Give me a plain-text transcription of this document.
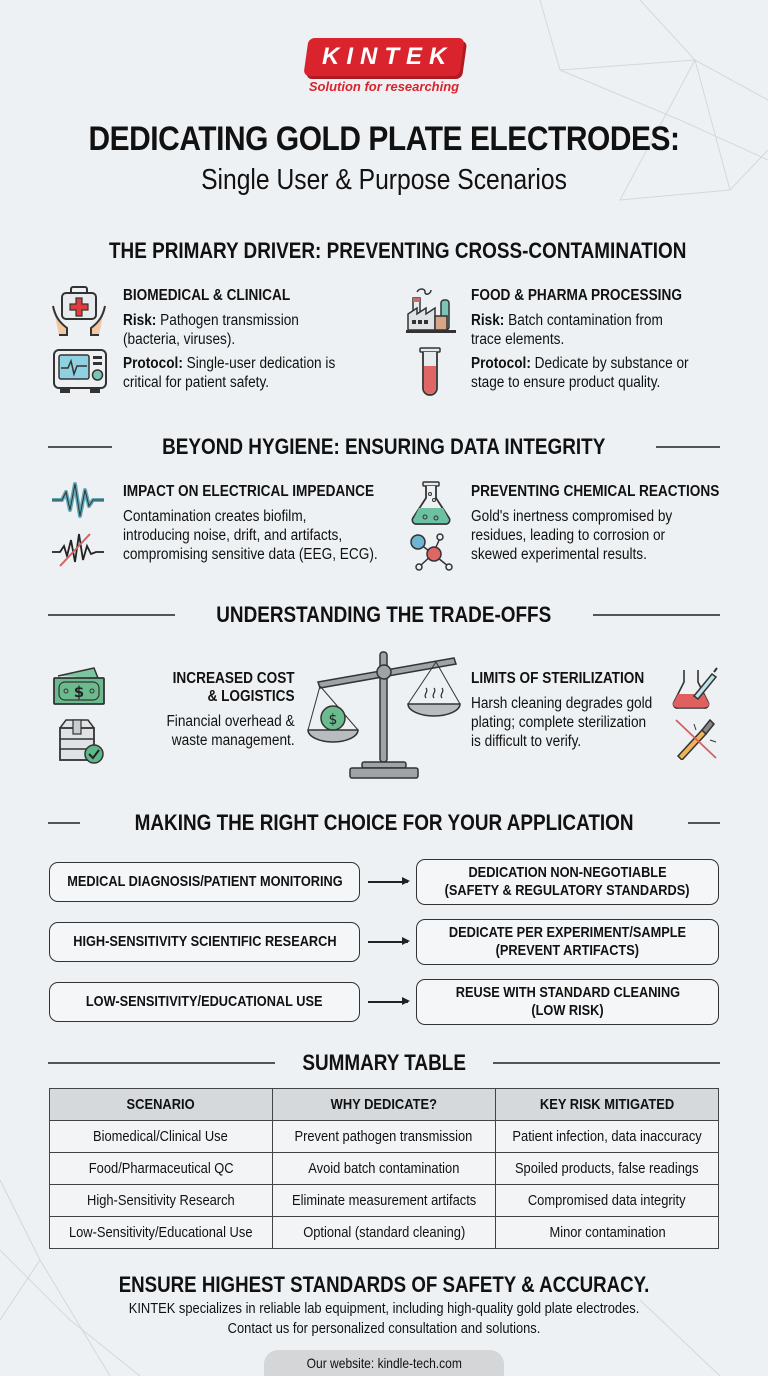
KINTEK
Solution for researching
DEDICATING GOLD PLATE ELECTRODES:
Single User & Purpose Scenarios
THE PRIMARY DRIVER: PREVENTING CROSS-CONTAMINATION
BIOMEDICAL & CLINICAL

Risk: Pathogen transmission

(bacteria, viruses).

Protocol: Single-user dedication is

critical for patient safety.

FOOD & PHARMA PROCESSING

Risk: Batch contamination from

trace elements.

Protocol: Dedicate by substance or

stage to ensure product quality.

BEYOND HYGIENE: ENSURING DATA INTEGRITY
IMPACT ON ELECTRICAL IMPEDANCE

Contamination creates biofilm,

introducing noise, drift, and artifacts,

compromising sensitive data (EEG, ECG).

PREVENTING CHEMICAL REACTIONS

Gold's inertness compromised by

residues, leading to corrosion or

skewed experimental results.

UNDERSTANDING THE TRADE-OFFS
$
INCREASED COST
& LOGISTICS

Financial overhead &

waste management.

$
LIMITS OF STERILIZATION

Harsh cleaning degrades gold

plating; complete sterilization

is difficult to verify.

MAKING THE RIGHT CHOICE FOR YOUR APPLICATION
MEDICAL DIAGNOSIS/PATIENT MONITORING
DEDICATION NON-NEGOTIABLE
(SAFETY & REGULATORY STANDARDS)
HIGH-SENSITIVITY SCIENTIFIC RESEARCH
DEDICATE PER EXPERIMENT/SAMPLE
(PREVENT ARTIFACTS)
LOW-SENSITIVITY/EDUCATIONAL USE
REUSE WITH STANDARD CLEANING
(LOW RISK)
SUMMARY TABLE
SCENARIO	WHY DEDICATE?	KEY RISK MITIGATED
Biomedical/Clinical Use	Prevent pathogen transmission	Patient infection, data inaccuracy
Food/Pharmaceutical QC	Avoid batch contamination	Spoiled products, false readings
High-Sensitivity Research	Eliminate measurement artifacts	Compromised data integrity
Low-Sensitivity/Educational Use	Optional (standard cleaning)	Minor contamination
ENSURE HIGHEST STANDARDS OF SAFETY & ACCURACY.
KINTEK specializes in reliable lab equipment, including high-quality gold plate electrodes.
Contact us for personalized consultation and solutions.
Our website: kindle-tech.com
